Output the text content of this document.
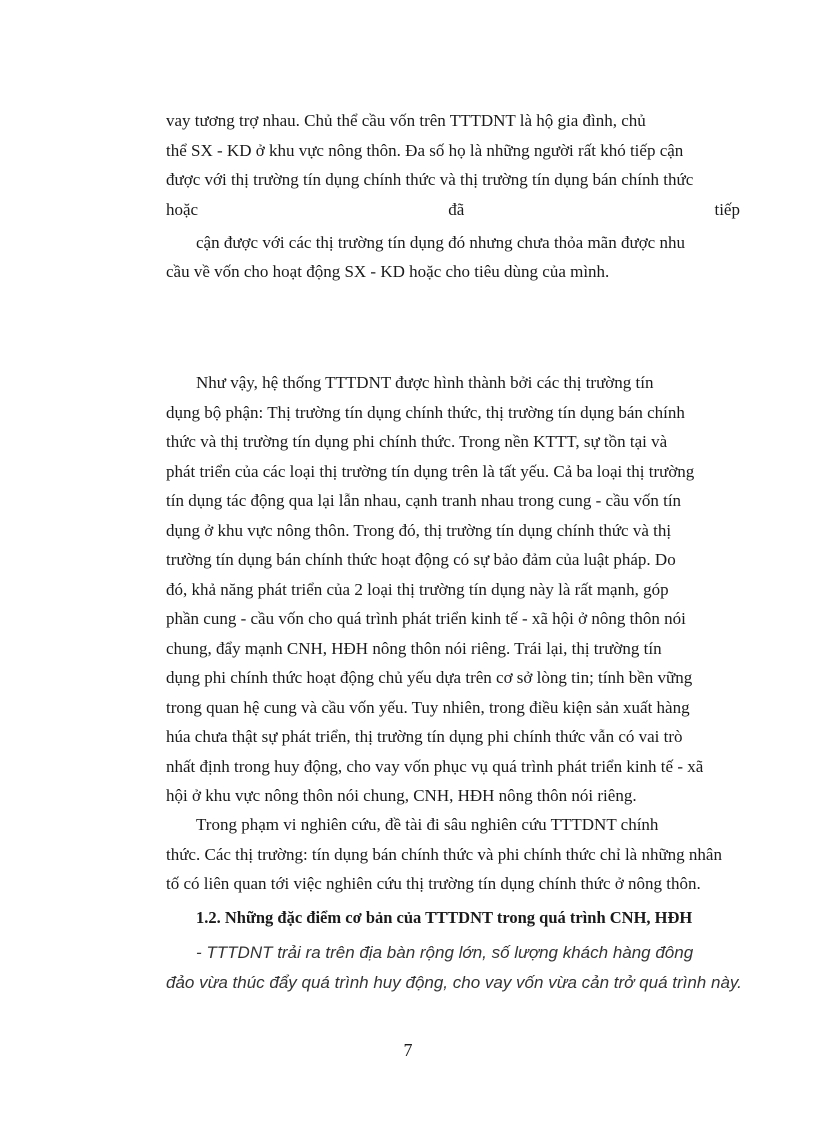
vay tương trợ nhau. Chủ thể cầu vốn trên TTTDNT là hộ gia đình, chủ
thể SX - KD ở khu vực nông thôn. Đa số họ là những người rất khó tiếp cận
được với thị trường tín dụng chính thức và thị trường tín dụng bán chính thức
hoặc	đã	tiếp
cận được với các thị trường tín dụng đó nhưng chưa thỏa mãn được nhu
cầu về vốn cho hoạt động SX - KD hoặc cho tiêu dùng của mình.
Như vậy, hệ thống TTTDNT được hình thành bởi các thị trường tín
dụng bộ phận: Thị trường tín dụng chính thức, thị trường tín dụng bán chính
thức và thị trường tín dụng phi chính thức. Trong nền KTTT, sự tồn tại và
phát triển của các loại thị trường tín dụng trên là tất yếu. Cả ba loại thị trường
tín dụng tác động qua lại lẫn nhau, cạnh tranh nhau trong cung - cầu vốn tín
dụng ở khu vực nông thôn. Trong đó, thị trường tín dụng chính thức và thị
trường tín dụng bán chính thức hoạt động có sự bảo đảm của luật pháp. Do
đó, khả năng phát triển của 2 loại thị trường tín dụng này là rất mạnh, góp
phần cung - cầu vốn cho quá trình phát triển kinh tế - xã hội ở nông thôn nói
chung, đẩy mạnh CNH, HĐH nông thôn nói riêng. Trái lại, thị trường tín
dụng phi chính thức hoạt động chủ yếu dựa trên cơ sở lòng tin; tính bền vững
trong quan hệ cung và cầu vốn yếu. Tuy nhiên, trong điều kiện sản xuất hàng
húa chưa thật sự phát triển, thị trường tín dụng phi chính thức vẫn có vai trò
nhất định trong huy động, cho vay vốn phục vụ quá trình phát triển kinh tế - xã
hội ở khu vực nông thôn nói chung, CNH, HĐH nông thôn nói riêng.
Trong phạm vi nghiên cứu, đề tài đi sâu nghiên cứu TTTDNT chính
thức. Các thị trường: tín dụng bán chính thức và phi chính thức chỉ là những nhân
tố có liên quan tới việc nghiên cứu thị trường tín dụng chính thức ở nông thôn.
1.2. Những đặc điểm cơ bản của TTTDNT trong quá trình CNH, HĐH
- TTTDNT trải ra trên địa bàn rộng lớn, số lượng khách hàng đông
đảo vừa thúc đẩy quá trình huy động, cho vay vốn vừa cản trở quá trình này.
7
